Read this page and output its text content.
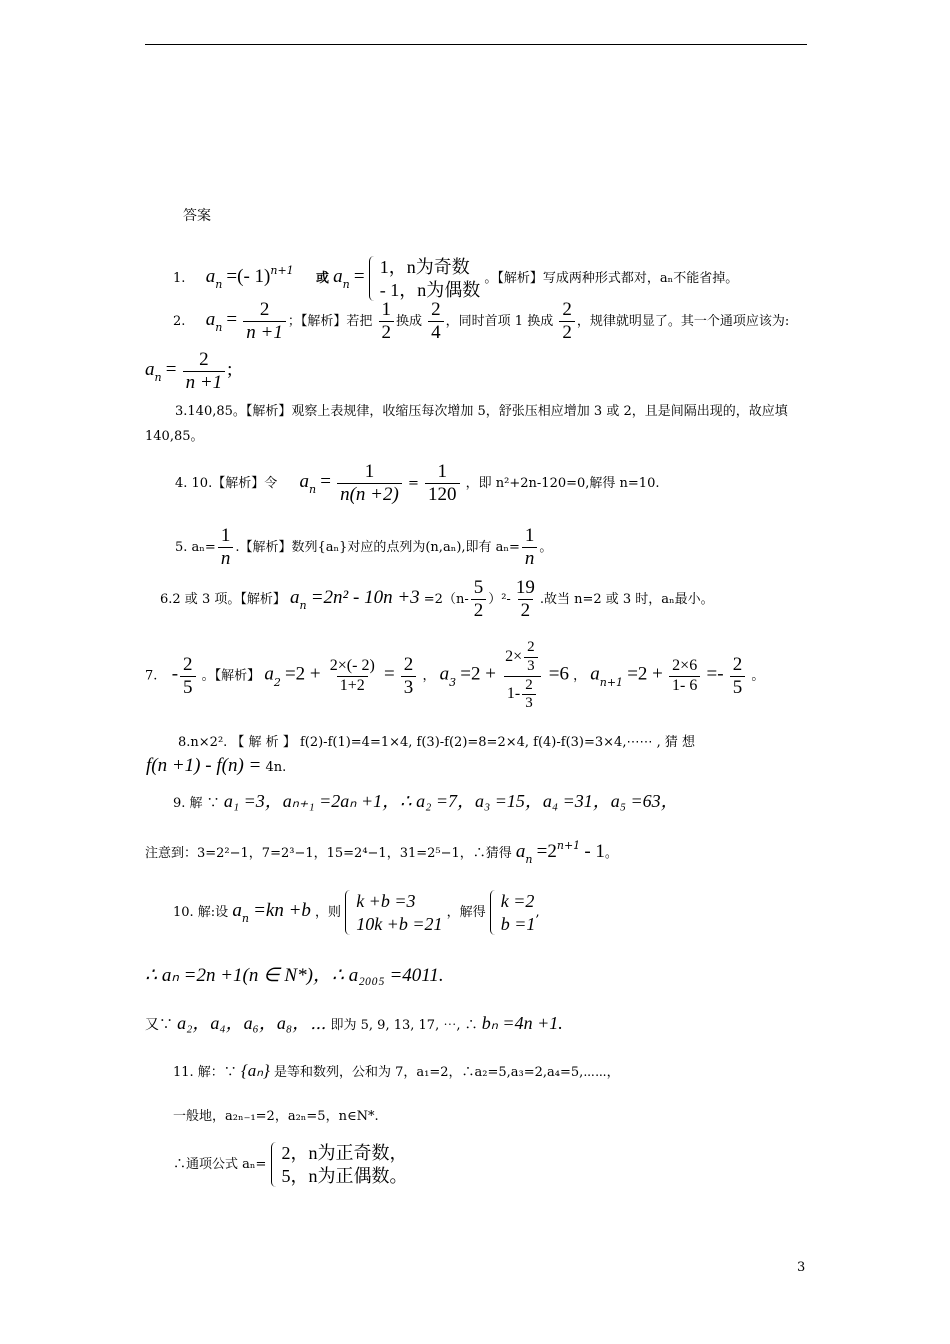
答案
1. $a_n$ =(- 1)$^{n+1}$  或 $a_n = 1$，n为奇数
- 1，n为偶数
。【解析】写成两种形式都对，aₙ不能省掉。
2. $a_n = \frac{2}{n +1}$ ；【解析】若把 $\frac{1}{2}$ 换成 $\frac{2}{4}$ ，同时首项 1 换成 $\frac{2}{2}$ ，规律就明显了。其一个通项应该为:
$a_n = \frac{2}{n +1}$ ;
3.140,85。【解析】观察上表规律，收缩压每次增加 5，舒张压相应增加 3 或 2，且是间隔出现的，故应填
140,85。
4. 10.【解析】令 $a_n = \frac{1}{n(n +2)} = \frac{1}{120}$ ，即 n²+2n-120=0,解得 n=10.
5. $a_n= \frac{1}{n}$ .【解析】数列{aₙ}对应的点列为(n,aₙ),即有 $a_n= \frac{1}{n}$ 。
6.2 或 3 项。【解析】 $a_n =2n^2 - 10n +3 =2(n- \frac{5}{2} )^2- \frac{19}{2}$ .故当 n=2 或 3 时，aₙ最小。
7. - $\frac{2}{5}$ 。【解析】 $a_2 =2 + \frac{2\times(- 2)}{1+2} = \frac{2}{3}$ ， $a_3 =2 + \frac{2\times \frac{2}{3}}{1- \frac{2}{3}} =6$ ， $a_{n+1} =2 + \frac{2\times 6}{1- 6} =- \frac{2}{5}$ 。
8.n×2². 【 解 析 】 f(2)-f(1)=4=1×4, f(3)-f(2)=8=2×4, f(4)-f(3)=3×4,⋯⋯ , 猜 想
f(n +1) - f(n) = 4n.
9. 解 ∵ a₁ =3，aₙ₊₁ =2aₙ +1，∴ a₂ =7，a₃ =15，a₄ =31，a₅ =63，
注意到：3=2²−1，7=2³−1，15=2⁴−1，31=2⁵−1，∴猜得 $a_n =2^{n+1} - 1$。
10. 解:设 $a_n =kn +b$ ，则
k +b =3
10k +b =21
，解得
k =2
b =1
,
∴ aₙ =2n +1(n ∈ N*)，∴ a₂₀₀₅ =4011.
又∵ a₂，a₄，a₆，a₈，⋯ 即为 5, 9, 13, 17, ⋯, ∴ bₙ =4n +1.
11. 解：∵ {aₙ} 是等和数列，公和为 7，a₁=2，∴a₂=5,a₃=2,a₄=5,⋯⋯，
一般地，a₂ₙ₋₁=2，a₂ₙ=5，n∈N*.
∴通项公式 aₙ=
2，n为正奇数，
5，n为正偶数。
3
